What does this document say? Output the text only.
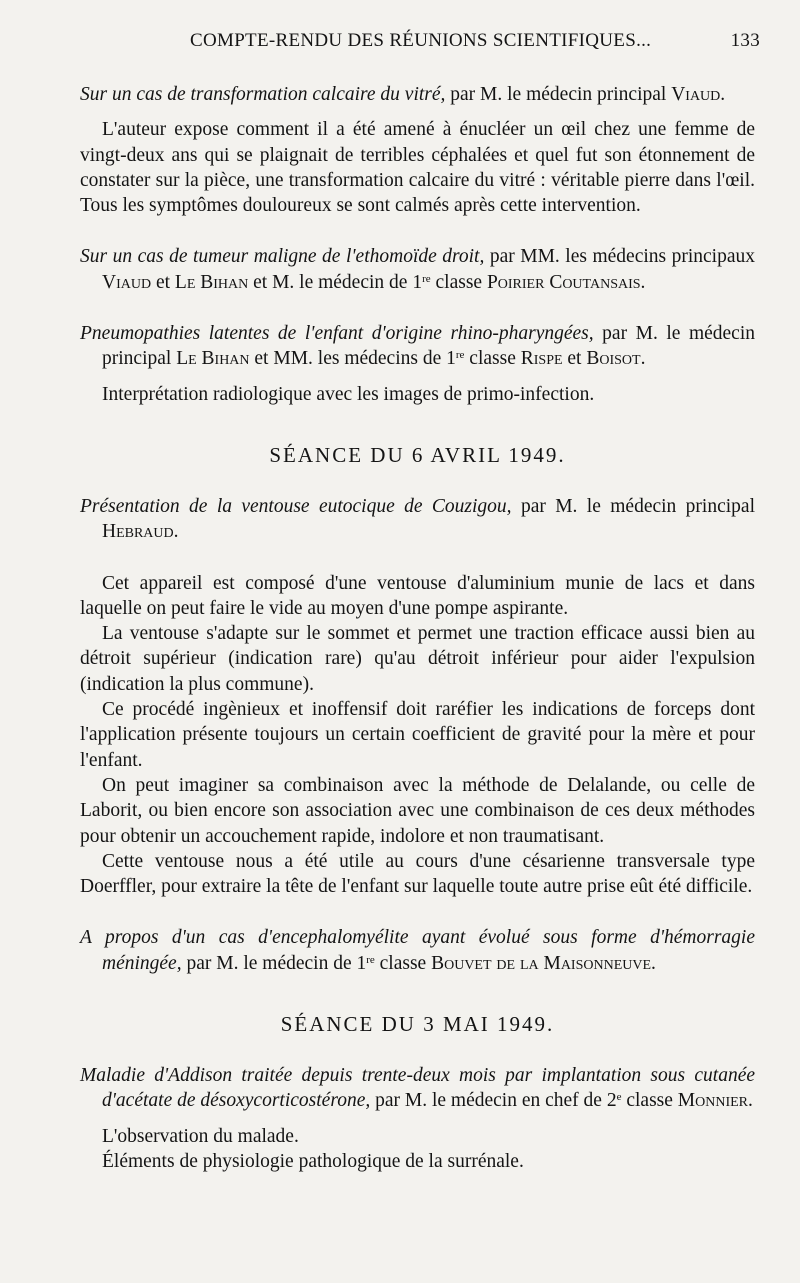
COMPTE-RENDU DES RÉUNIONS SCIENTIFIQUES...	133

Sur un cas de transformation calcaire du vitré, par M. le médecin principal Viaud.

L'auteur expose comment il a été amené à énucléer un œil chez une femme de vingt-deux ans qui se plaignait de terribles céphalées et quel fut son étonnement de constater sur la pièce, une transformation calcaire du vitré : véritable pierre dans l'œil. Tous les symptômes douloureux se sont calmés après cette intervention.

Sur un cas de tumeur maligne de l'ethomoïde droit, par MM. les médecins principaux Viaud et Le Bihan et M. le médecin de 1re classe Poirier Coutansais.

Pneumopathies latentes de l'enfant d'origine rhino-pharyngées, par M. le médecin principal Le Bihan et MM. les médecins de 1re classe Rispe et Boisot.

Interprétation radiologique avec les images de primo-infection.

SÉANCE DU 6 AVRIL 1949.

Présentation de la ventouse eutocique de Couzigou, par M. le médecin principal Hebraud.

Cet appareil est composé d'une ventouse d'aluminium munie de lacs et dans laquelle on peut faire le vide au moyen d'une pompe aspirante.

La ventouse s'adapte sur le sommet et permet une traction efficace aussi bien au détroit supérieur (indication rare) qu'au détroit inférieur pour aider l'expulsion (indication la plus commune).

Ce procédé ingènieux et inoffensif doit raréfier les indications de forceps dont l'application présente toujours un certain coefficient de gravité pour la mère et pour l'enfant.

On peut imaginer sa combinaison avec la méthode de Delalande, ou celle de Laborit, ou bien encore son association avec une combinaison de ces deux méthodes pour obtenir un accouchement rapide, indolore et non traumatisant.

Cette ventouse nous a été utile au cours d'une césarienne transversale type Doerffler, pour extraire la tête de l'enfant sur laquelle toute autre prise eût été difficile.

A propos d'un cas d'encephalomyélite ayant évolué sous forme d'hémorragie méningée, par M. le médecin de 1re classe Bouvet de la Maisonneuve.

SÉANCE DU 3 MAI 1949.

Maladie d'Addison traitée depuis trente-deux mois par implantation sous cutanée d'acétate de désoxycorticostérone, par M. le médecin en chef de 2e classe Monnier.

L'observation du malade.

Éléments de physiologie pathologique de la surrénale.
